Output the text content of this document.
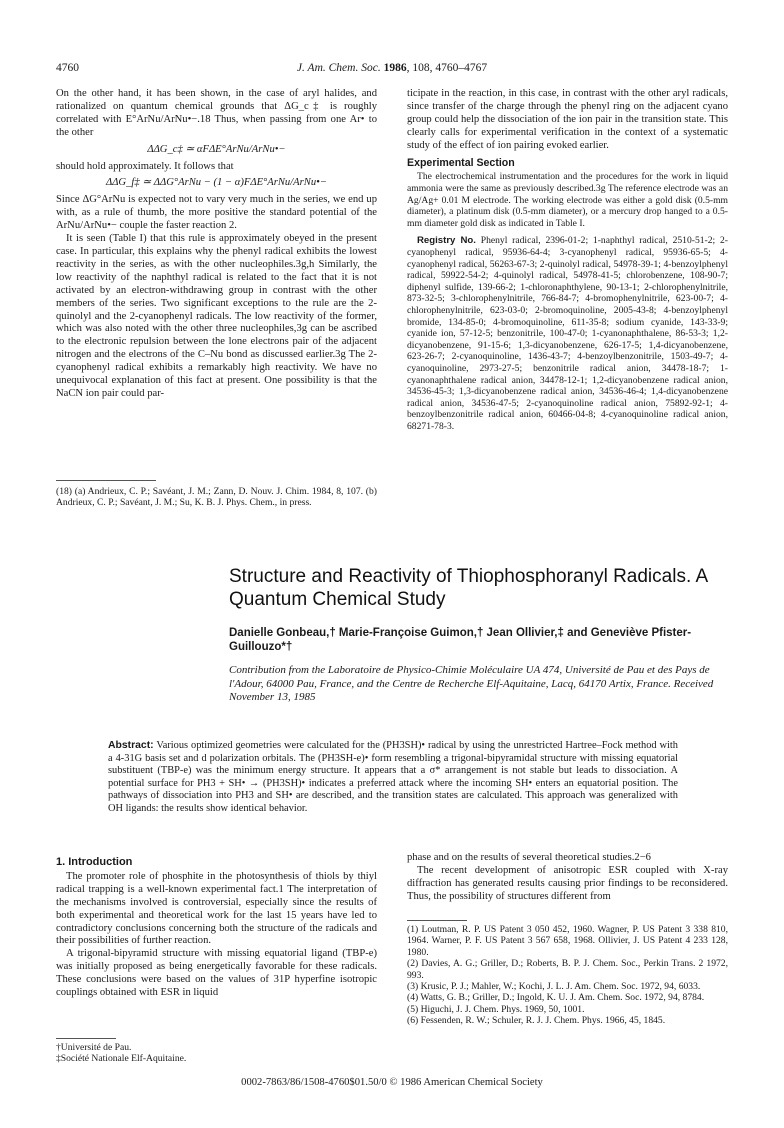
4760	J. Am. Chem. Soc. 1986, 108, 4760–4767

On the other hand, it has been shown, in the case of aryl halides, and rationalized on quantum chemical grounds that ΔG_c‡ is roughly correlated with E°ArNu/ArNu•−.18 Thus, when passing from one Ar• to the other

ΔΔG_c‡ ≃ αFΔE°ArNu/ArNu•−

should hold approximately. It follows that

ΔΔG_f‡ ≃ ΔΔG°ArNu − (1 − α)FΔE°ArNu/ArNu•−

Since ΔG°ArNu is expected not to vary very much in the series, we end up with, as a rule of thumb, the more positive the standard potential of the ArNu/ArNu•− couple the faster reaction 2.

It is seen (Table I) that this rule is approximately obeyed in the present case. In particular, this explains why the phenyl radical exhibits the lowest reactivity in the series, as with the other nucleophiles.3g,h Similarly, the low reactivity of the naphthyl radical is related to the fact that it is not activated by an electron-withdrawing group in contrast with the other members of the series. Two significant exceptions to the rule are the 2-quinolyl and the 2-cyanophenyl radicals. The low reactivity of the former, which was also noted with the other three nucleophiles,3g can be ascribed to the electronic repulsion between the lone electrons pair of the adjacent nitrogen and the electrons of the C–Nu bond as discussed earlier.3g The 2-cyanophenyl radical exhibits a remarkably high reactivity. We have no unequivocal explanation of this fact at present. One possibility is that the NaCN ion pair could par-

(18) (a) Andrieux, C. P.; Savéant, J. M.; Zann, D. Nouv. J. Chim. 1984, 8, 107. (b) Andrieux, C. P.; Savéant, J. M.; Su, K. B. J. Phys. Chem., in press.

ticipate in the reaction, in this case, in contrast with the other aryl radicals, since transfer of the charge through the phenyl ring on the adjacent cyano group could help the dissociation of the ion pair in the transition state. This clearly calls for experimental verification in the context of a systematic study of the effect of ion pairing evoked earlier.

Experimental Section

The electrochemical instrumentation and the procedures for the work in liquid ammonia were the same as previously described.3g The reference electrode was an Ag/Ag+ 0.01 M electrode. The working electrode was either a gold disk (0.5-mm diameter), a platinum disk (0.5-mm diameter), or a mercury drop hanged to a 0.5-mm diameter gold disk as indicated in Table I.

Registry No. Phenyl radical, 2396-01-2; 1-naphthyl radical, 2510-51-2; 2-cyanophenyl radical, 95936-64-4; 3-cyanophenyl radical, 95936-65-5; 4-cyanophenyl radical, 56263-67-3; 2-quinolyl radical, 54978-39-1; 4-benzoylphenyl radical, 59922-54-2; 4-quinolyl radical, 54978-41-5; chlorobenzene, 108-90-7; diphenyl sulfide, 139-66-2; 1-chloronaphthylene, 90-13-1; 2-chlorophenylnitrile, 873-32-5; 3-chlorophenylnitrile, 766-84-7; 4-bromophenylnitrile, 623-00-7; 4-chlorophenylnitrile, 623-03-0; 2-bromoquinoline, 2005-43-8; 4-benzoylphenyl bromide, 134-85-0; 4-bromoquinoline, 611-35-8; sodium cyanide, 143-33-9; cyanide ion, 57-12-5; benzonitrile, 100-47-0; 1-cyanonaphthalene, 86-53-3; 1,2-dicyanobenzene, 91-15-6; 1,3-dicyanobenzene, 626-17-5; 1,4-dicyanobenzene, 623-26-7; 2-cyanoquinoline, 1436-43-7; 4-benzoylbenzonitrile, 1503-49-7; 4-cyanoquinoline, 2973-27-5; benzonitrile radical anion, 34478-18-7; 1-cyanonaphthalene radical anion, 34478-12-1; 1,2-dicyanobenzene radical anion, 34536-45-3; 1,3-dicyanobenzene radical anion, 34536-46-4; 1,4-dicyanobenzene radical anion, 34536-47-5; 2-cyanoquinoline radical anion, 75892-92-1; 4-benzoylbenzonitrile radical anion, 60466-04-8; 4-cyanoquinoline radical anion, 68271-78-3.

Structure and Reactivity of Thiophosphoranyl Radicals. A Quantum Chemical Study
Danielle Gonbeau,† Marie-Françoise Guimon,† Jean Ollivier,‡ and Geneviève Pfister-Guillouzo*†
Contribution from the Laboratoire de Physico-Chimie Moléculaire UA 474, Université de Pau et des Pays de l'Adour, 64000 Pau, France, and the Centre de Recherche Elf-Aquitaine, Lacq, 64170 Artix, France. Received November 13, 1985
Abstract: Various optimized geometries were calculated for the (PH3SH)• radical by using the unrestricted Hartree–Fock method with a 4-31G basis set and d polarization orbitals. The (PH3SH-e)• form resembling a trigonal-bipyramidal structure with missing equatorial substituent (TBP-e) was the minimum energy structure. It appears that a σ* arrangement is not stable but leads to dissociation. A potential surface for PH3 + SH• → (PH3SH)• indicates a preferred attack where the incoming SH• enters an equatorial position. The pathways of dissociation into PH3 and SH• are described, and the transition states are calculated. This approach was generalized with OH ligands: the results show identical behavior.
1. Introduction

The promoter role of phosphite in the photosynthesis of thiols by thiyl radical trapping is a well-known experimental fact.1 The interpretation of the mechanisms involved is controversial, especially since the results of both experimental and theoretical work for the last 15 years have led to contradictory conclusions concerning both the structure of the radicals and their possibilities of further reaction.

A trigonal-bipyramid structure with missing equatorial ligand (TBP-e) was initially proposed as being energetically favorable for these radicals. These conclusions were based on the values of 31P hyperfine isotropic couplings obtained with ESR in liquid

†Université de Pau.

‡Société Nationale Elf-Aquitaine.

phase and on the results of several theoretical studies.2−6

The recent development of anisotropic ESR coupled with X-ray diffraction has generated results causing prior findings to be reconsidered. Thus, the possibility of structures different from

(1) Loutman, R. P. US Patent 3 050 452, 1960. Wagner, P. US Patent 3 338 810, 1964. Warner, P. F. US Patent 3 567 658, 1968. Ollivier, J. US Patent 4 233 128, 1980.

(2) Davies, A. G.; Griller, D.; Roberts, B. P. J. Chem. Soc., Perkin Trans. 2 1972, 993.

(3) Krusic, P. J.; Mahler, W.; Kochi, J. L. J. Am. Chem. Soc. 1972, 94, 6033.

(4) Watts, G. B.; Griller, D.; Ingold, K. U. J. Am. Chem. Soc. 1972, 94, 8784.

(5) Higuchi, J. J. Chem. Phys. 1969, 50, 1001.

(6) Fessenden, R. W.; Schuler, R. J. J. Chem. Phys. 1966, 45, 1845.

0002-7863/86/1508-4760$01.50/0 © 1986 American Chemical Society
